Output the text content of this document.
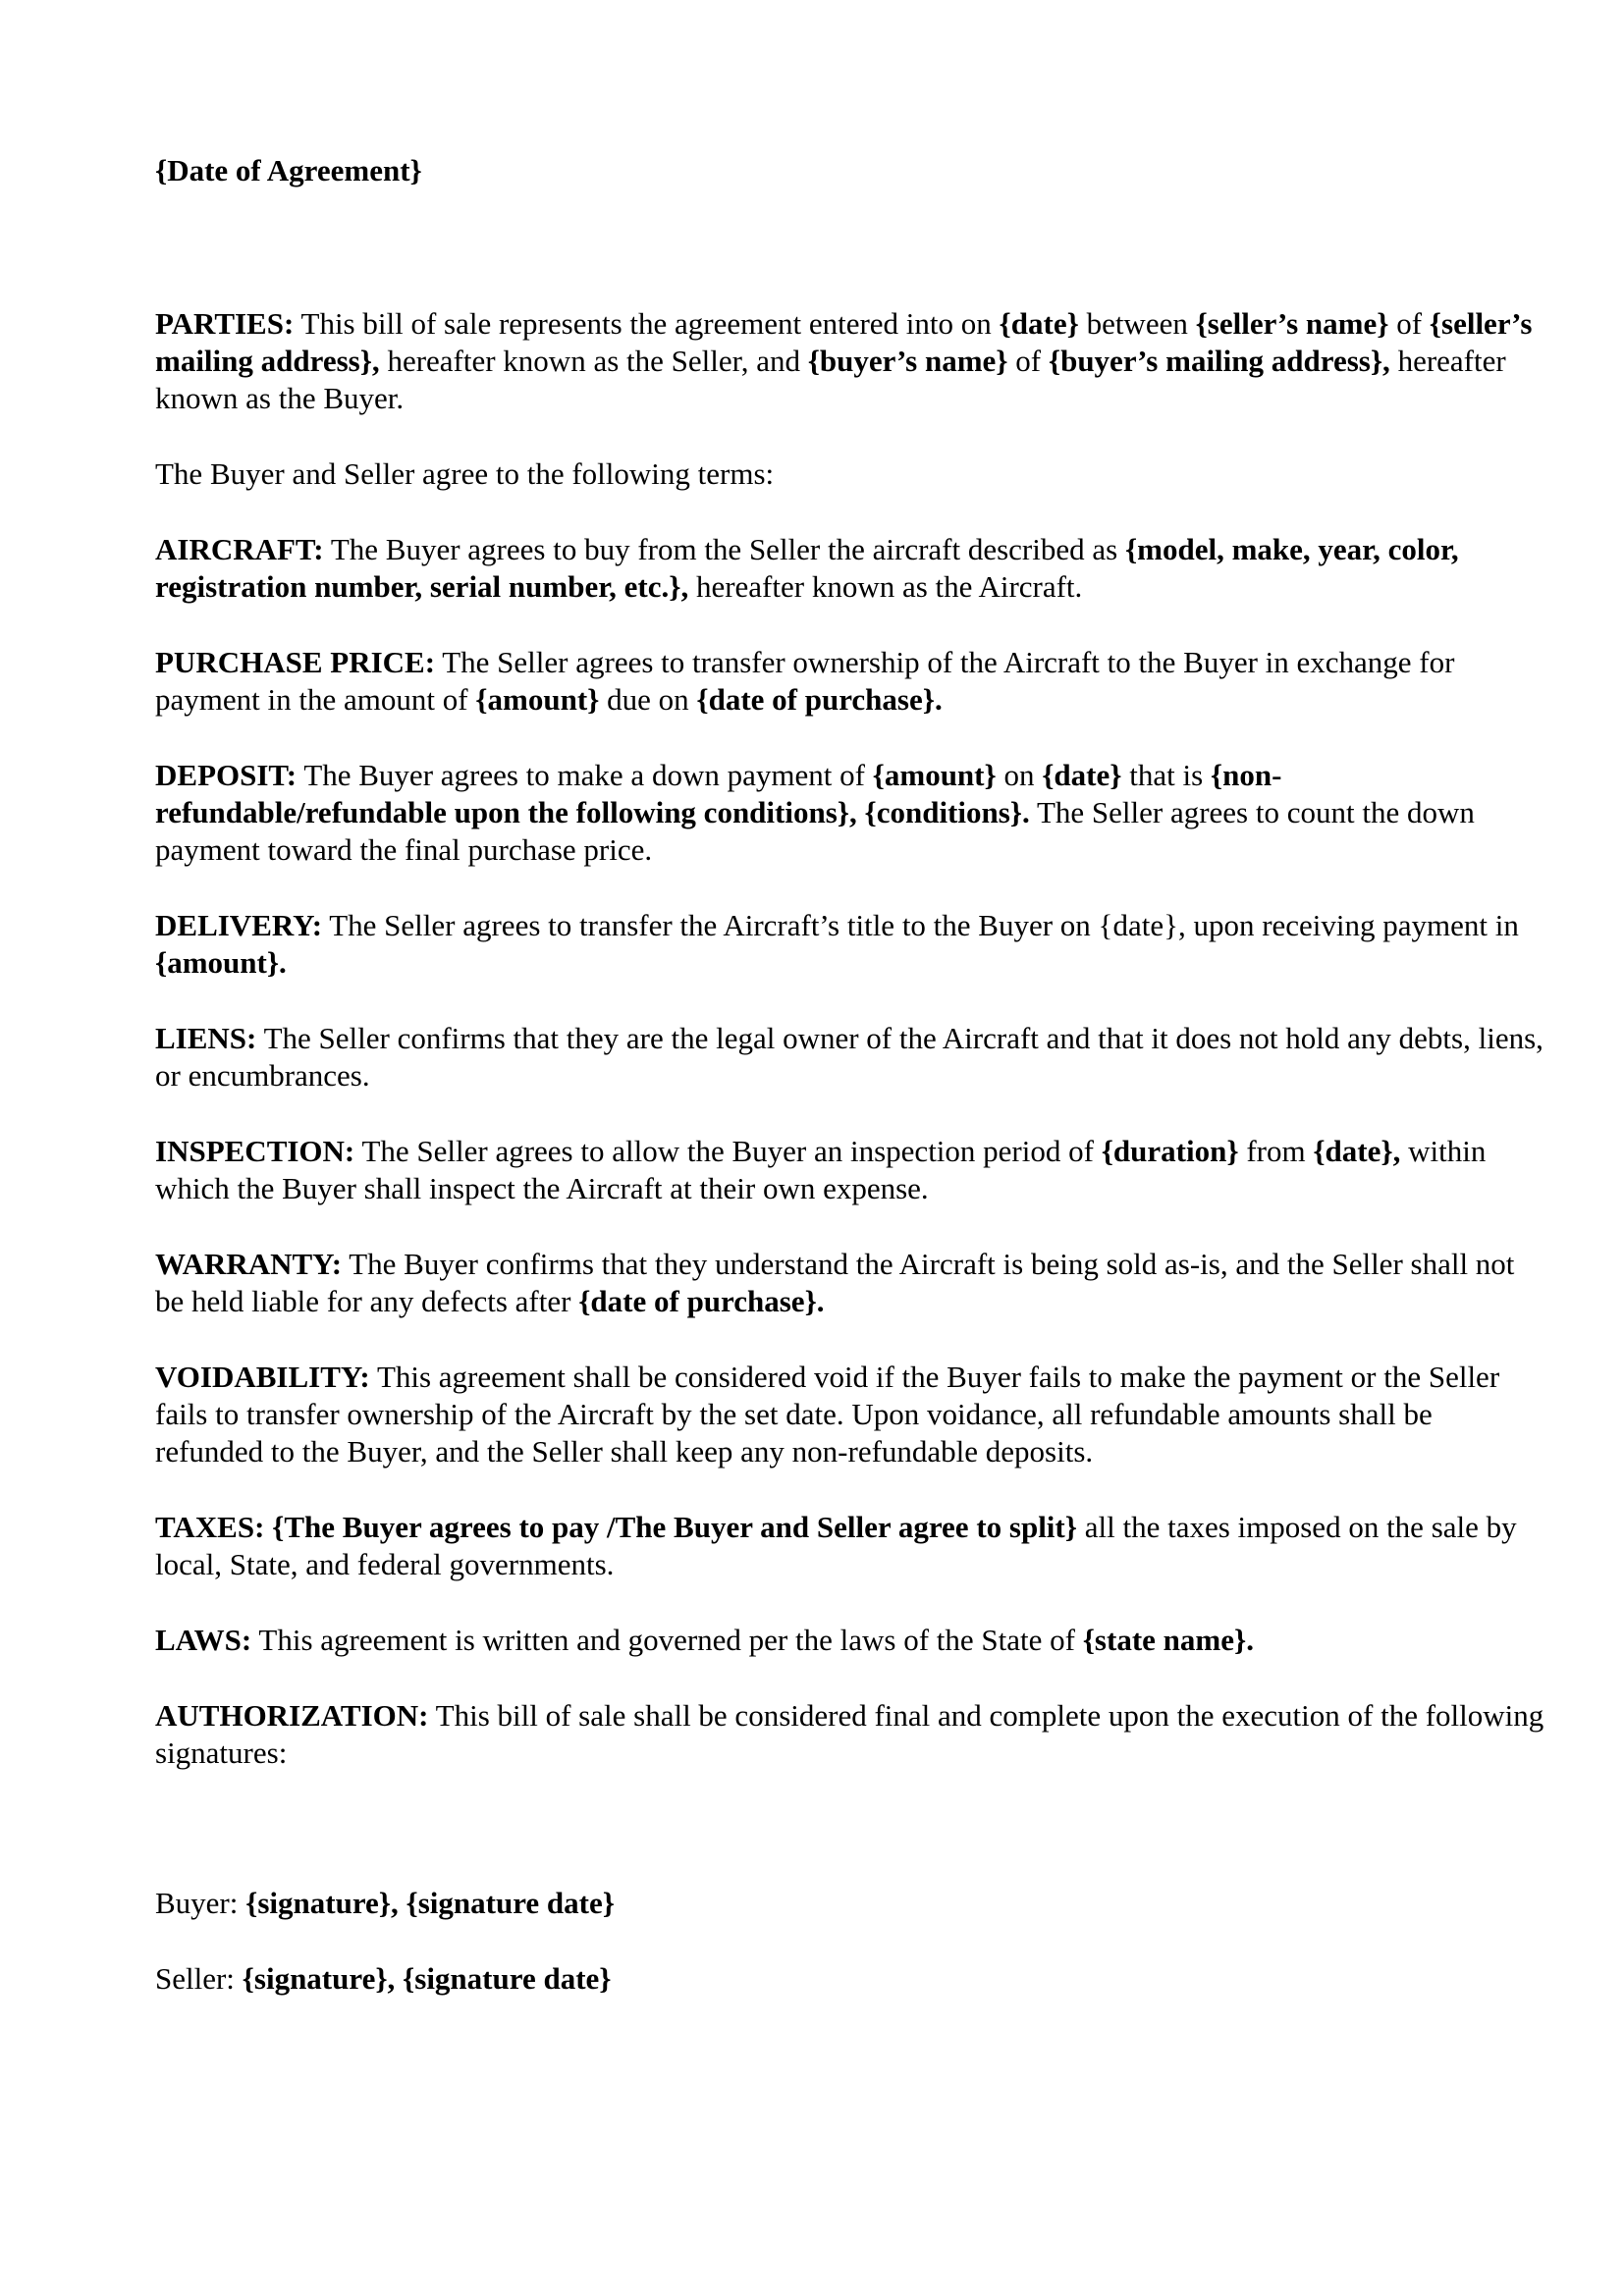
{Date of Agreement}

PARTIES: This bill of sale represents the agreement entered into on {date} between {seller’s name} of {seller’s mailing address}, hereafter known as the Seller, and {buyer’s name} of {buyer’s mailing address}, hereafter known as the Buyer.

The Buyer and Seller agree to the following terms:

AIRCRAFT: The Buyer agrees to buy from the Seller the aircraft described as {model, make, year, color, registration number, serial number, etc.}, hereafter known as the Aircraft.

PURCHASE PRICE: The Seller agrees to transfer ownership of the Aircraft to the Buyer in exchange for payment in the amount of {amount} due on {date of purchase}.

DEPOSIT: The Buyer agrees to make a down payment of {amount} on {date} that is {non-refundable/refundable upon the following conditions}, {conditions}. The Seller agrees to count the down payment toward the final purchase price.

DELIVERY: The Seller agrees to transfer the Aircraft’s title to the Buyer on {date}, upon receiving payment in {amount}.

LIENS: The Seller confirms that they are the legal owner of the Aircraft and that it does not hold any debts, liens, or encumbrances.

INSPECTION: The Seller agrees to allow the Buyer an inspection period of {duration} from {date}, within which the Buyer shall inspect the Aircraft at their own expense.

WARRANTY: The Buyer confirms that they understand the Aircraft is being sold as-is, and the Seller shall not be held liable for any defects after {date of purchase}.

VOIDABILITY: This agreement shall be considered void if the Buyer fails to make the payment or the Seller fails to transfer ownership of the Aircraft by the set date. Upon voidance, all refundable amounts shall be refunded to the Buyer, and the Seller shall keep any non-refundable deposits.

TAXES: {The Buyer agrees to pay /The Buyer and Seller agree to split} all the taxes imposed on the sale by local, State, and federal governments.

LAWS: This agreement is written and governed per the laws of the State of {state name}.

AUTHORIZATION: This bill of sale shall be considered final and complete upon the execution of the following signatures:

Buyer: {signature}, {signature date}

Seller: {signature}, {signature date}
